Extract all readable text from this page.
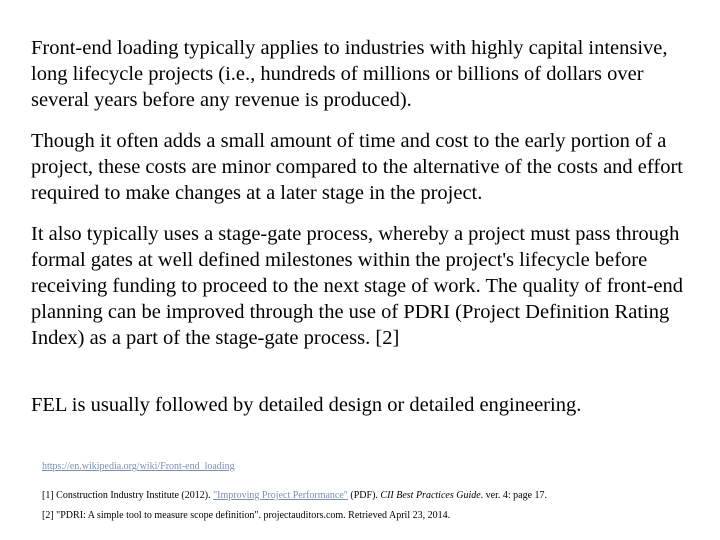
Front-end loading typically applies to industries with highly capital intensive, long lifecycle projects (i.e., hundreds of millions or billions of dollars over several years before any revenue is produced).

Though it often adds a small amount of time and cost to the early portion of a project, these costs are minor compared to the alternative of the costs and effort required to make changes at a later stage in the project.

It also typically uses a stage-gate process, whereby a project must pass through formal gates at well defined milestones within the project's lifecycle before receiving funding to proceed to the next stage of work. The quality of front-end planning can be improved through the use of PDRI (Project Definition Rating Index) as a part of the stage-gate process. [2]

FEL is usually followed by detailed design or detailed engineering.

https://en.wikipedia.org/wiki/Front-end_loading
[1] Construction Industry Institute (2012). "Improving Project Performance" (PDF). CII Best Practices Guide. ver. 4: page 17.
[2] "PDRI: A simple tool to measure scope definition". projectauditors.com. Retrieved April 23, 2014.
